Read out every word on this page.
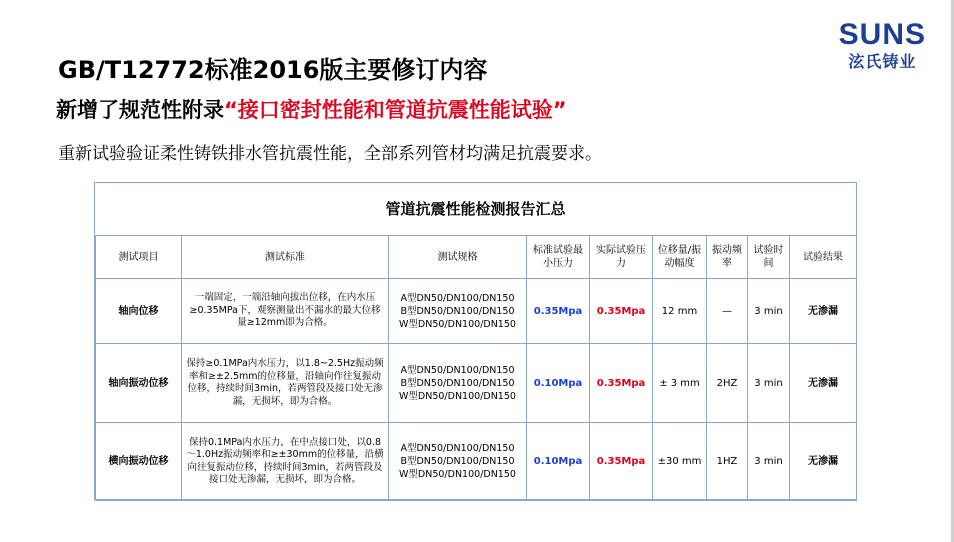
SUNS
泫氏铸业
GB/T12772标准2016版主要修订内容
新增了规范性附录“接口密封性能和管道抗震性能试验”
重新试验验证柔性铸铁排水管抗震性能，全部系列管材均满足抗震要求。
管道抗震性能检测报告汇总
测试项目	测试标准	测试规格	标准试验最小压力	实际试验压力	位移量/振动幅度	振动频率	试验时间	试验结果
轴向位移	一端固定，一端沿轴向拔出位移，在内水压≥0.35MPa下，观察测量出不漏水的最大位移量≥12mm即为合格。	A型DN50/DN100/DN150
B型DN50/DN100/DN150
W型DN50/DN100/DN150	0.35Mpa	0.35Mpa	12 mm	—	3 min	无渗漏
轴向振动位移	保持≥0.1MPa内水压力，以1.8~2.5Hz振动频率和≥±2.5mm的位移量，沿轴向作往复振动位移，持续时间3min，若两管段及接口处无渗漏，无损坏，即为合格。	A型DN50/DN100/DN150
B型DN50/DN100/DN150
W型DN50/DN100/DN150	0.10Mpa	0.35Mpa	± 3 mm	2HZ	3 min	无渗漏
横向振动位移	保持0.1MPa内水压力，在中点接口处，以0.8～1.0Hz振动频率和≥±30mm的位移量，沿横向往复振动位移，持续时间3min，若两管段及接口处无渗漏，无损坏，即为合格。	A型DN50/DN100/DN150
B型DN50/DN100/DN150
W型DN50/DN100/DN150	0.10Mpa	0.35Mpa	±30 mm	1HZ	3 min	无渗漏
